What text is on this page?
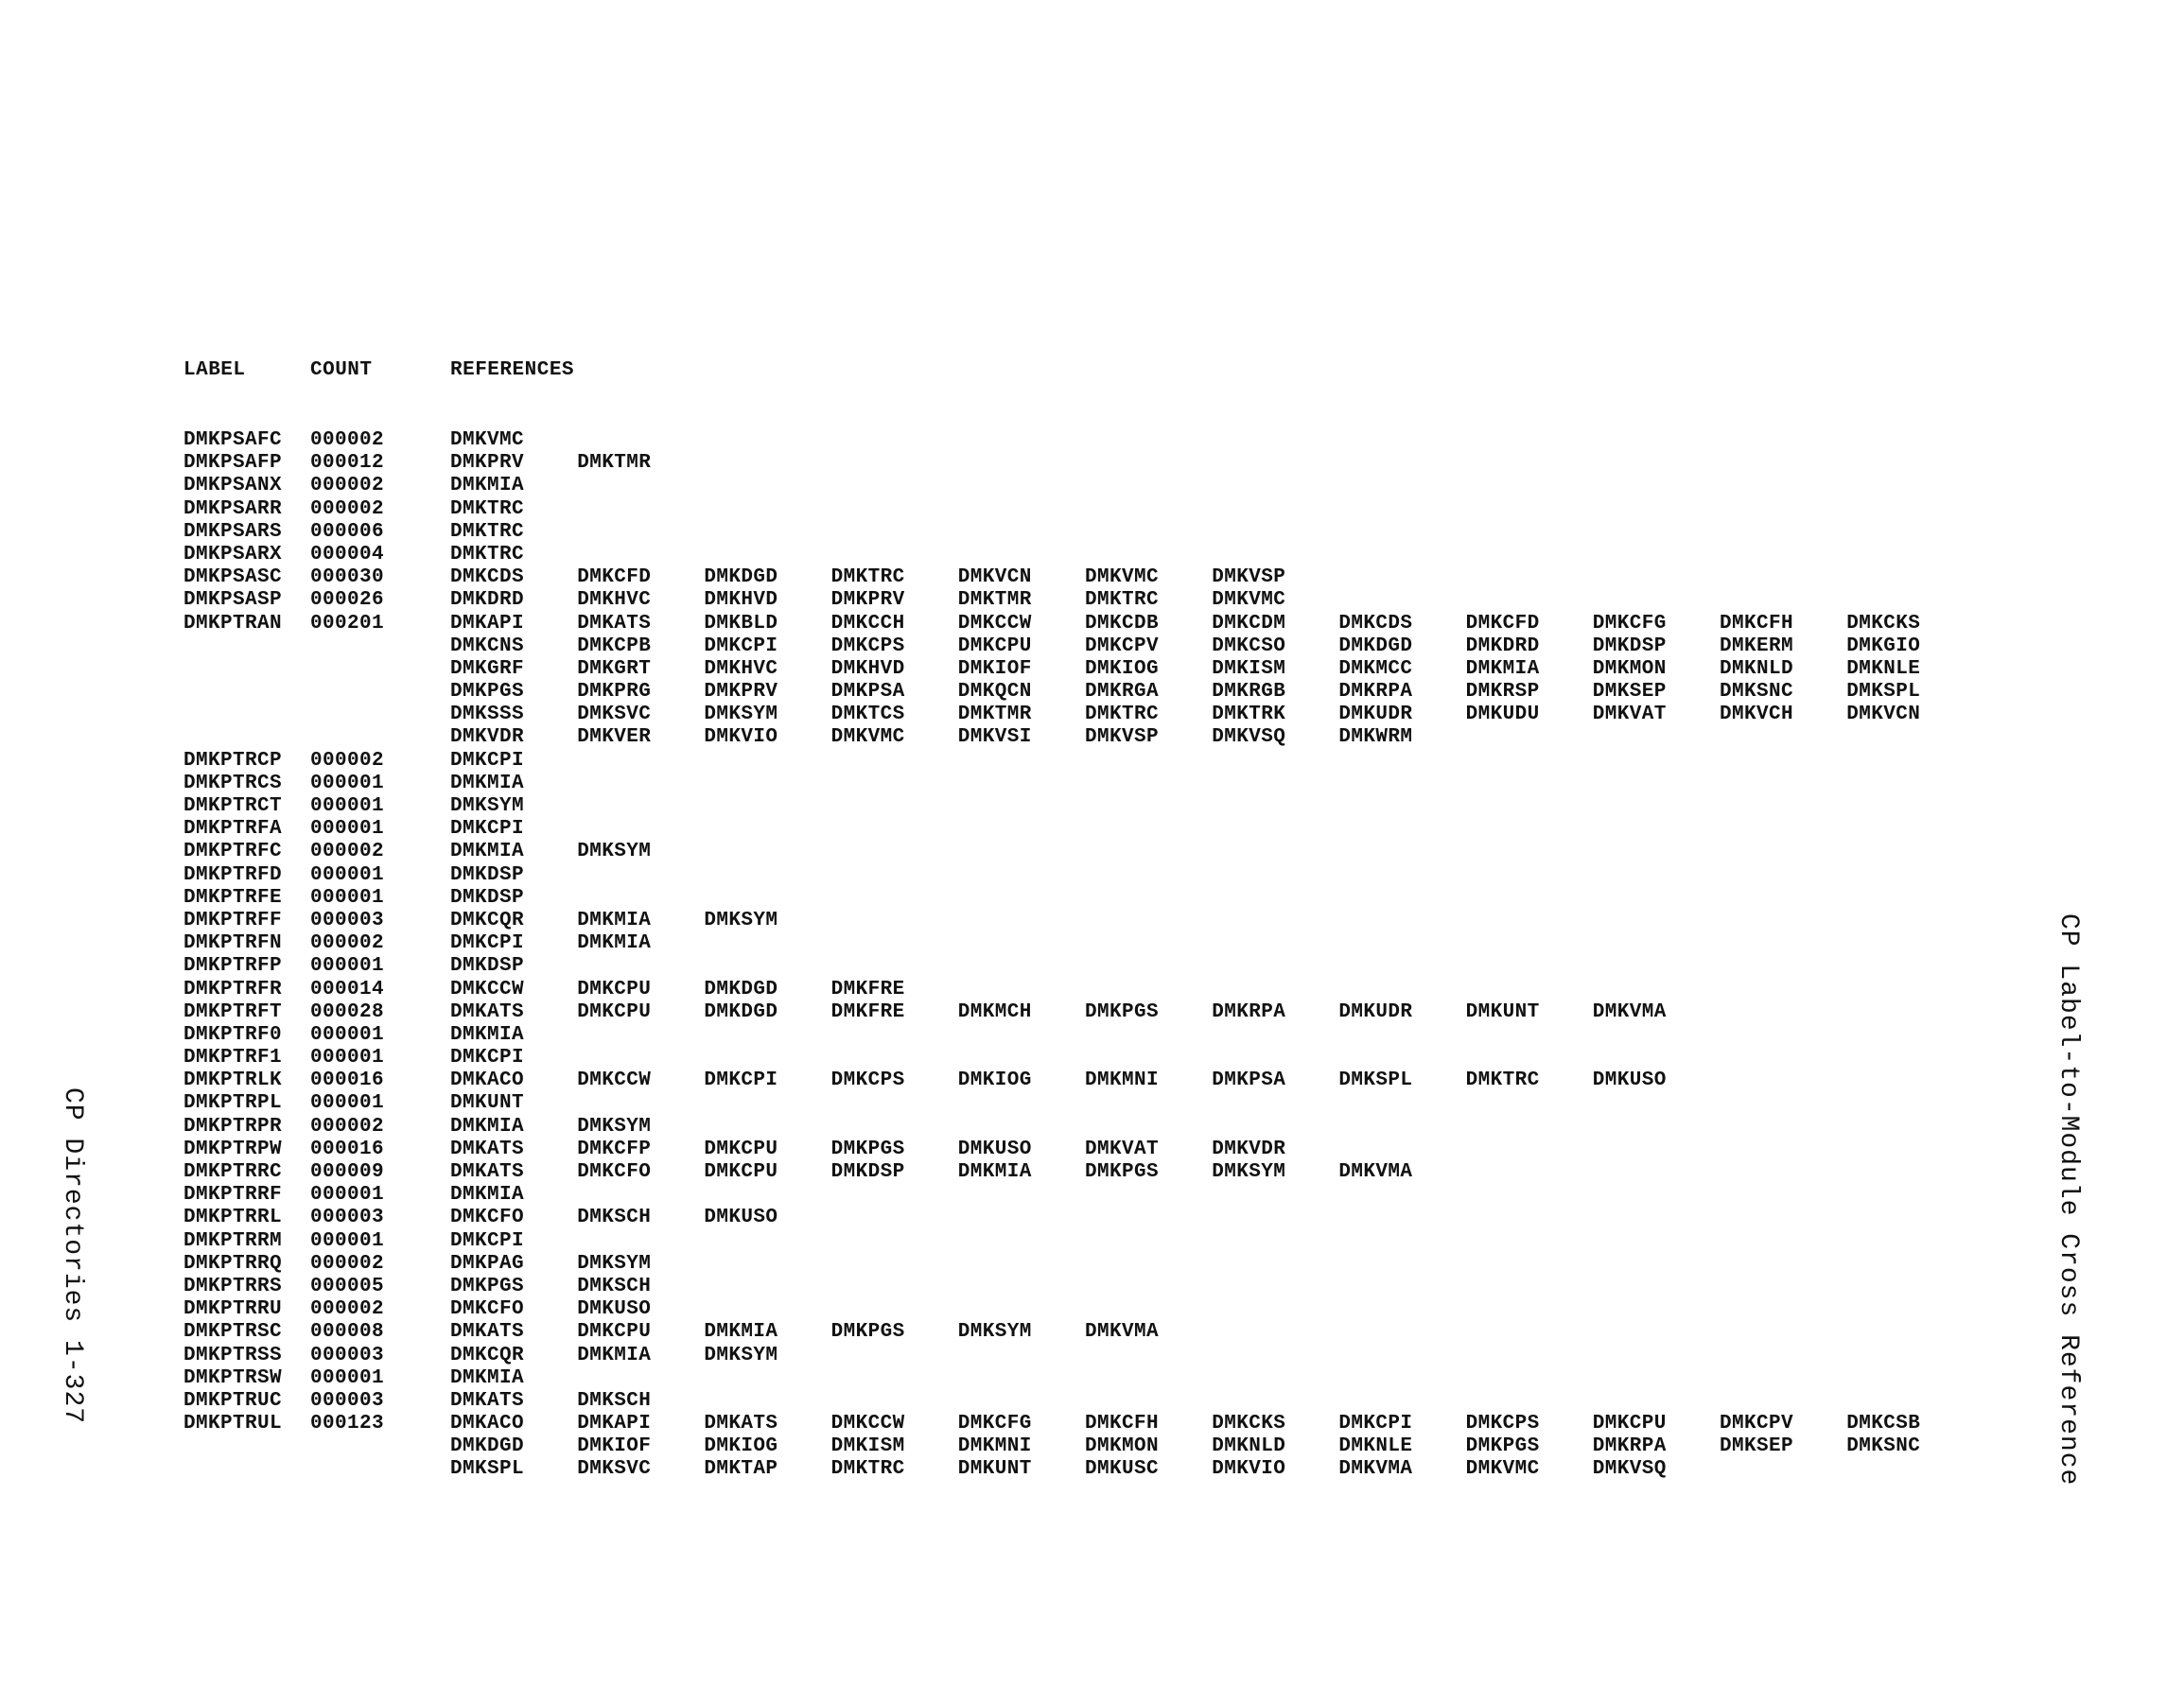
LABEL	COUNT	REFERENCES
DMKPSAFC 000002	DMKVMC
DMKPSAFP 000012	DMKPRV	DMKTMR
DMKPSANX 000002	DMKMIA
DMKPSARR 000002	DMKTRC
DMKPSARS 000006	DMKTRC
DMKPSARX 000004	DMKTRC
DMKPSASC 000030	DMKCDS	DMKCFD	DMKDGD	DMKTRC	DMKVCN	DMKVMC	DMKVSP
DMKPSASP 000026	DMKDRD	DMKHVC	DMKHVD	DMKPRV	DMKTMR	DMKTRC	DMKVMC
DMKPTRAN 000201	DMKAPI	DMKATS	DMKBLD	DMKCCH	DMKCCW	DMKCDB	DMKCDM	DMKCDS	DMKCFD	DMKCFG	DMKCFH	DMKCKS
DMKCNS	DMKCPB	DMKCPI	DMKCPS	DMKCPU	DMKCPV	DMKCSO	DMKDGD	DMKDRD	DMKDSP	DMKERM	DMKGIO
DMKGRF	DMKGRT	DMKHVC	DMKHVD	DMKIOF	DMKIOG	DMKISM	DMKMCC	DMKMIA	DMKMON	DMKNLD	DMKNLE
DMKPGS	DMKPRG	DMKPRV	DMKPSA	DMKQCN	DMKRGA	DMKRGB	DMKRPA	DMKRSP	DMKSEP	DMKSNC	DMKSPL
DMKSSS	DMKSVC	DMKSYM	DMKTCS	DMKTMR	DMKTRC	DMKTRK	DMKUDR	DMKUDU	DMKVAT	DMKVCH	DMKVCN
DMKVDR	DMKVER	DMKVIO	DMKVMC	DMKVSI	DMKVSP	DMKVSQ	DMKWRM
DMKPTRCP 000002	DMKCPI
DMKPTRCS 000001	DMKMIA
DMKPTRCT 000001	DMKSYM
DMKPTRFA 000001	DMKCPI
DMKPTRFC 000002	DMKMIA	DMKSYM
DMKPTRFD 000001	DMKDSP
DMKPTRFE 000001	DMKDSP
DMKPTRFF 000003	DMKCQR	DMKMIA	DMKSYM
DMKPTRFN 000002	DMKCPI	DMKMIA
DMKPTRFP 000001	DMKDSP
DMKPTRFR 000014	DMKCCW	DMKCPU	DMKDGD	DMKFRE
DMKPTRFT 000028	DMKATS	DMKCPU	DMKDGD	DMKFRE	DMKMCH	DMKPGS	DMKRPA	DMKUDR	DMKUNT	DMKVMA
DMKPTRF0 000001	DMKMIA
DMKPTRF1 000001	DMKCPI
DMKPTRLK 000016	DMKACO	DMKCCW	DMKCPI	DMKCPS	DMKIOG	DMKMNI	DMKPSA	DMKSPL	DMKTRC	DMKUSO
DMKPTRPL 000001	DMKUNT
DMKPTRPR 000002	DMKMIA	DMKSYM
DMKPTRPW 000016	DMKATS	DMKCFP	DMKCPU	DMKPGS	DMKUSO	DMKVAT	DMKVDR
DMKPTRRC 000009	DMKATS	DMKCFO	DMKCPU	DMKDSP	DMKMIA	DMKPGS	DMKSYM	DMKVMA
DMKPTRRF 000001	DMKMIA
DMKPTRRL 000003	DMKCFO	DMKSCH	DMKUSO
DMKPTRRM 000001	DMKCPI
DMKPTRRQ 000002	DMKPAG	DMKSYM
DMKPTRRS 000005	DMKPGS	DMKSCH
DMKPTRRU 000002	DMKCFO	DMKUSO
DMKPTRSC 000008	DMKATS	DMKCPU	DMKMIA	DMKPGS	DMKSYM	DMKVMA
DMKPTRSS 000003	DMKCQR	DMKMIA	DMKSYM
DMKPTRSW 000001	DMKMIA
DMKPTRUC 000003	DMKATS	DMKSCH
DMKPTRUL 000123	DMKACO	DMKAPI	DMKATS	DMKCCW	DMKCFG	DMKCFH	DMKCKS	DMKCPI	DMKCPS	DMKCPU	DMKCPV	DMKCSB
DMKDGD	DMKIOF	DMKIOG	DMKISM	DMKMNI	DMKMON	DMKNLD	DMKNLE	DMKPGS	DMKRPA	DMKSEP	DMKSNC
DMKSPL	DMKSVC	DMKTAP	DMKTRC	DMKUNT	DMKUSC	DMKVIO	DMKVMA	DMKVMC	DMKVSQ
CP Directories 1-327	CP Label-to-Module Cross Reference
